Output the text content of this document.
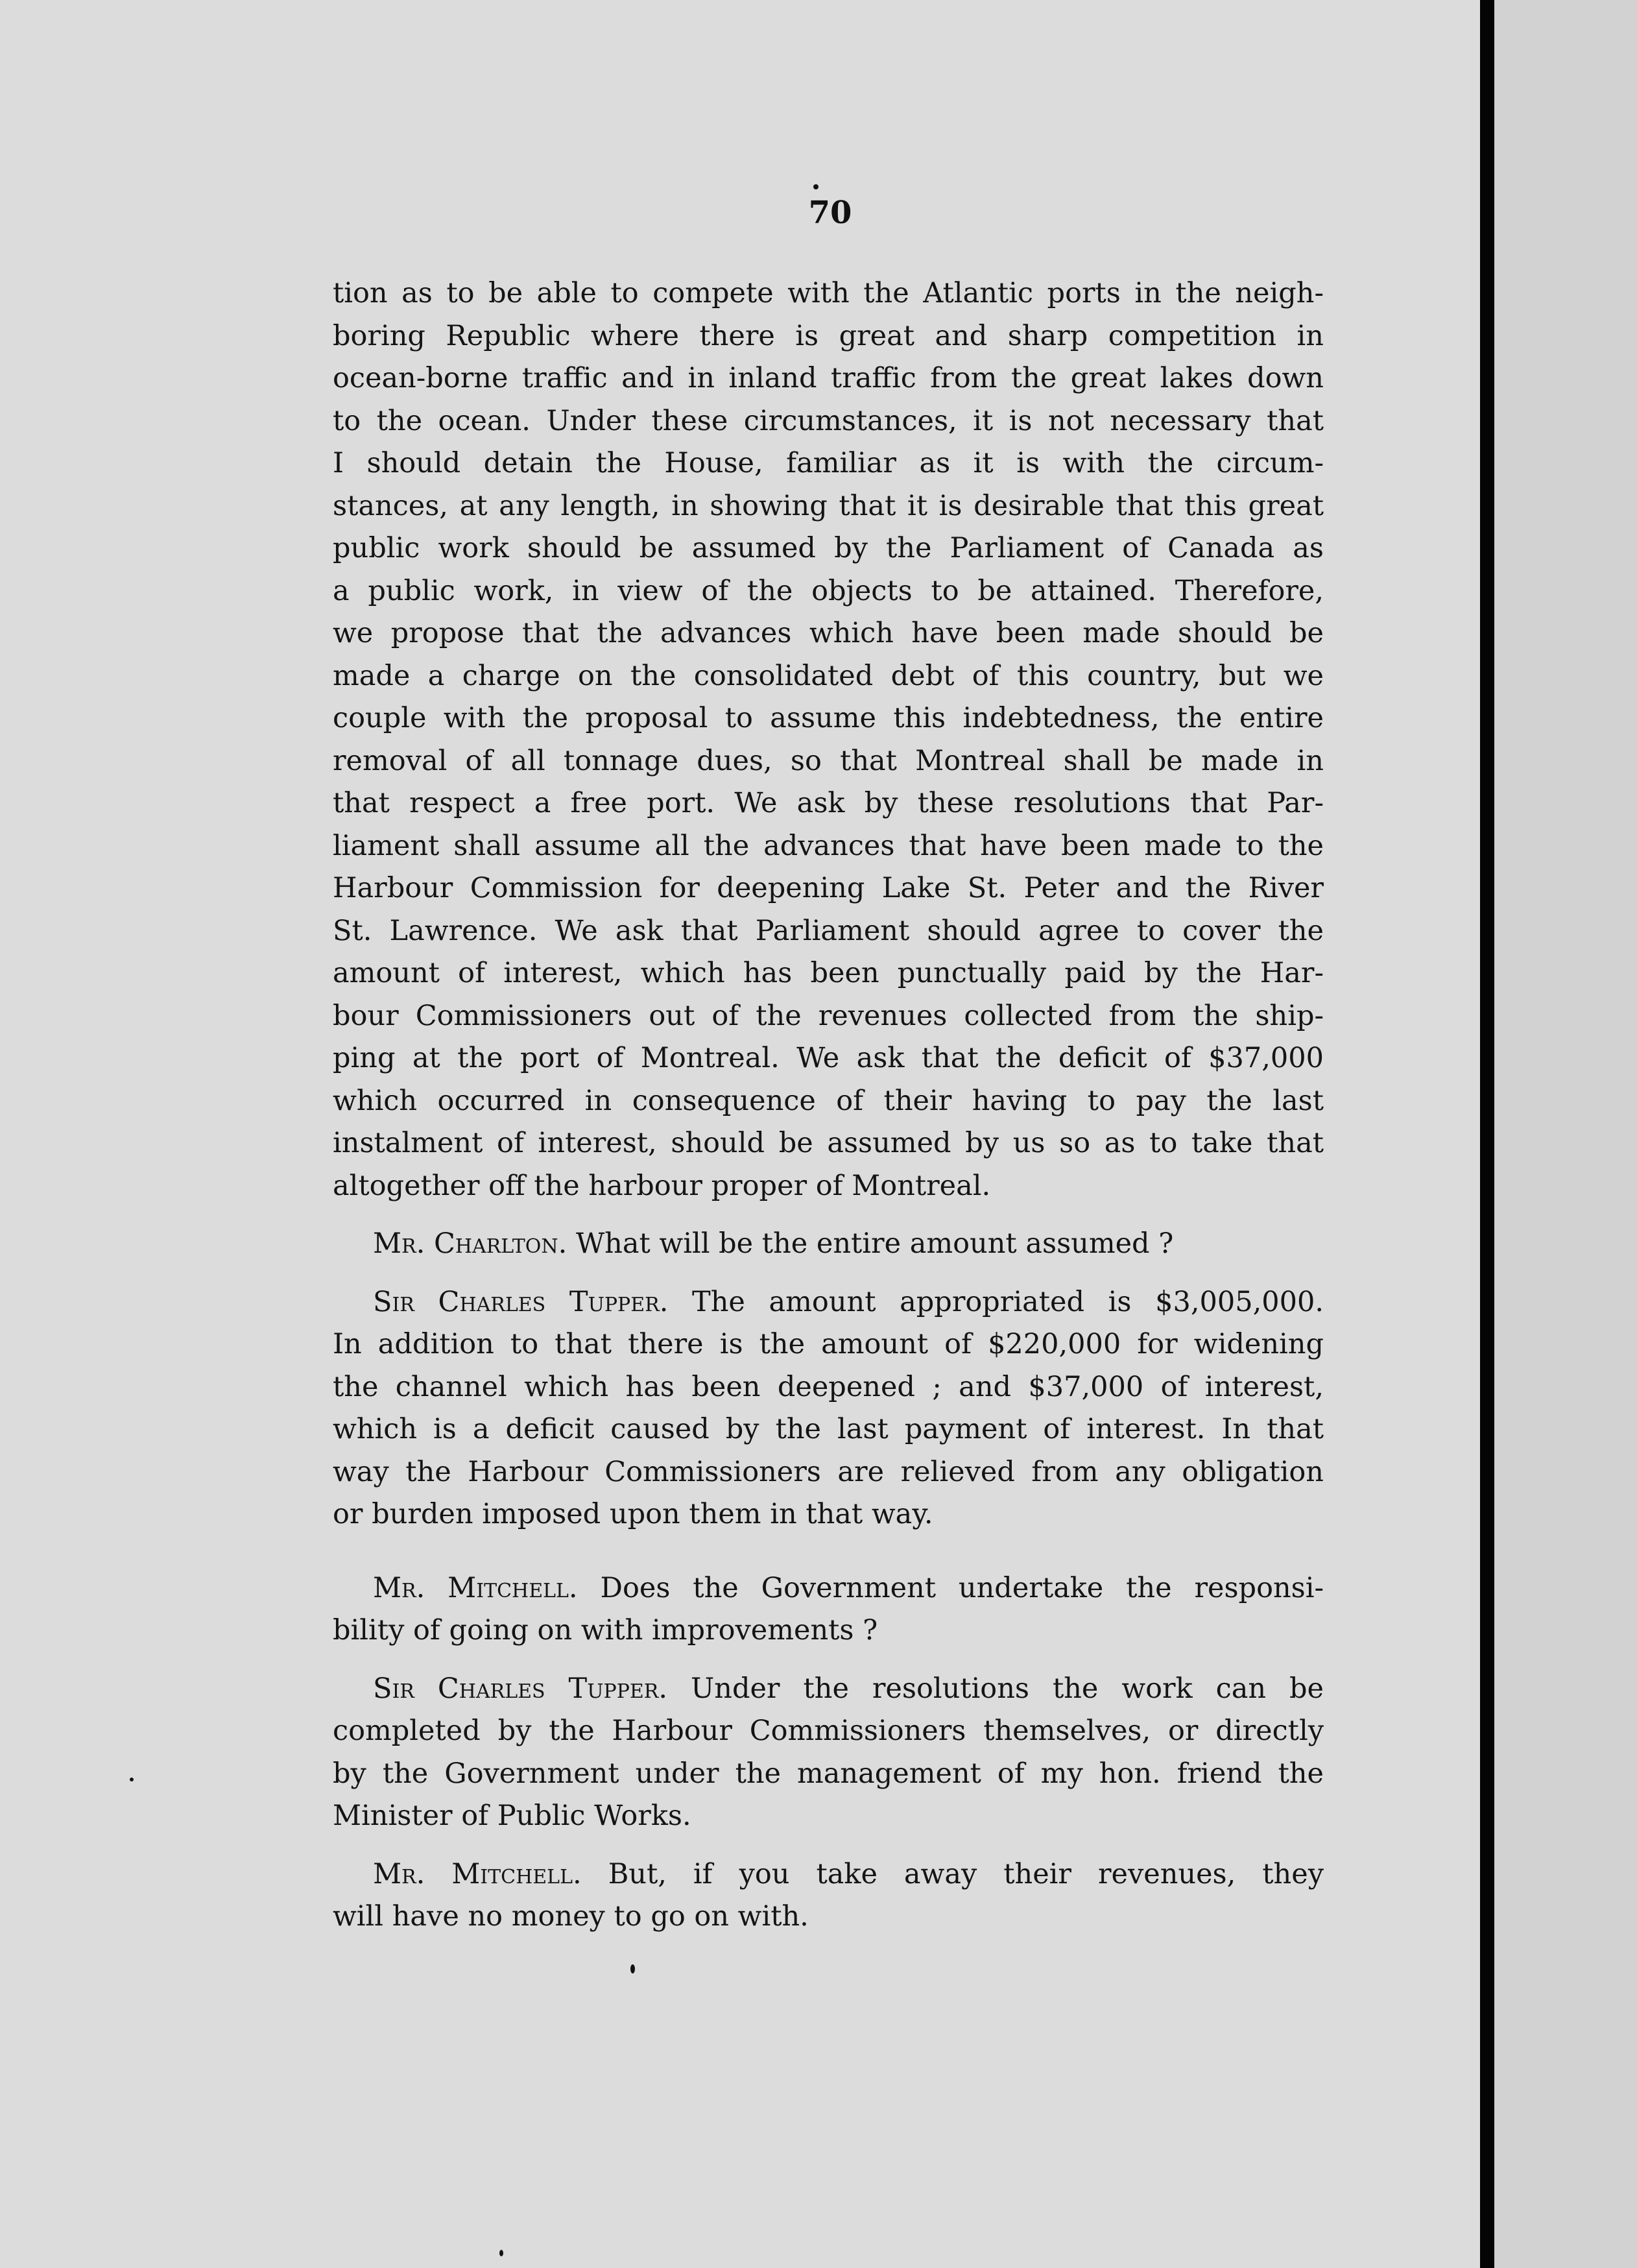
70
tion as to be able to compete with the Atlantic ports in the neigh-
boring Republic where there is great and sharp competition in
ocean-borne traffic and in inland traffic from the great lakes down
to the ocean. Under these circumstances, it is not necessary that
I should detain the House, familiar as it is with the circum-
stances, at any length, in showing that it is desirable that this great
public work should be assumed by the Parliament of Canada as
a public work, in view of the objects to be attained. Therefore,
we propose that the advances which have been made should be
made a charge on the consolidated debt of this country, but we
couple with the proposal to assume this indebtedness, the entire
removal of all tonnage dues, so that Montreal shall be made in
that respect a free port. We ask by these resolutions that Par-
liament shall assume all the advances that have been made to the
Harbour Commission for deepening Lake St. Peter and the River
St. Lawrence. We ask that Parliament should agree to cover the
amount of interest, which has been punctually paid by the Har-
bour Commissioners out of the revenues collected from the ship-
ping at the port of Montreal. We ask that the deficit of $37,000
which occurred in consequence of their having to pay the last
instalment of interest, should be assumed by us so as to take that
altogether off the harbour proper of Montreal.
Mr. Charlton. What will be the entire amount assumed ?
Sir Charles Tupper. The amount appropriated is $3,005,000.
In addition to that there is the amount of $220,000 for widening
the channel which has been deepened ; and $37,000 of interest,
which is a deficit caused by the last payment of interest. In that
way the Harbour Commissioners are relieved from any obligation
or burden imposed upon them in that way.
Mr. Mitchell. Does the Government undertake the responsi-
bility of going on with improvements ?
Sir Charles Tupper. Under the resolutions the work can be
completed by the Harbour Commissioners themselves, or directly
by the Government under the management of my hon. friend the
Minister of Public Works.
Mr. Mitchell. But, if you take away their revenues, they
will have no money to go on with.
